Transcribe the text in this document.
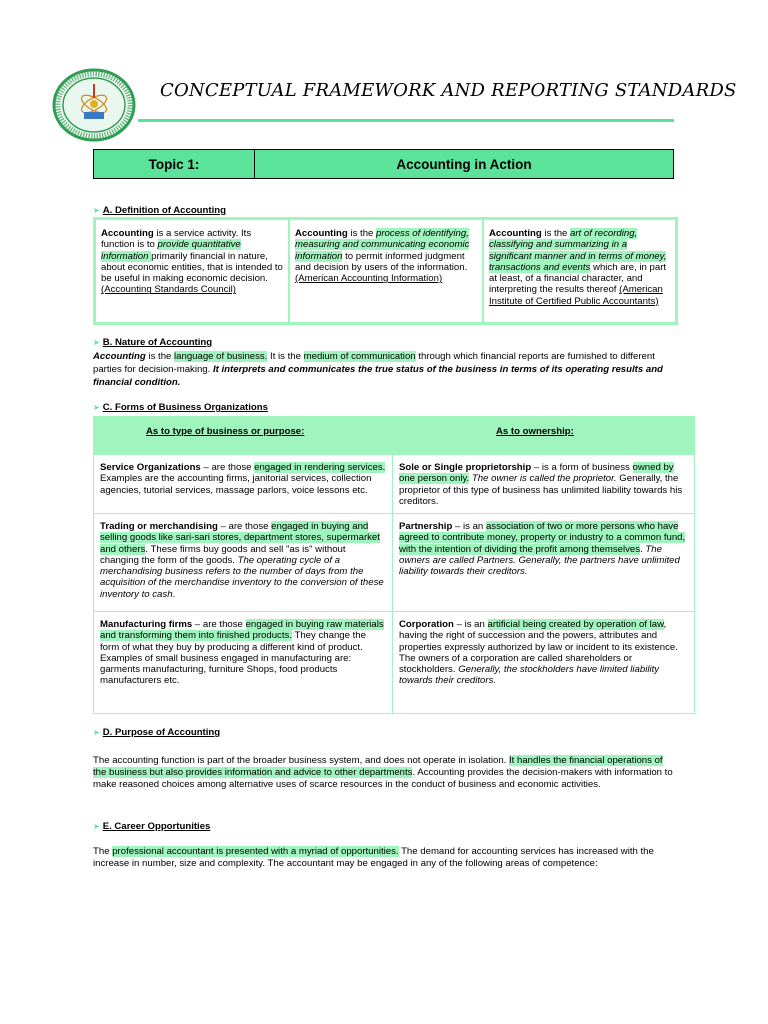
CONCEPTUAL FRAMEWORK AND REPORTING STANDARDS
Topic 1:	Accounting in Action
➤ A. Definition of Accounting
Accounting is a service activity. Its function is to provide quantitative information primarily financial in nature, about economic entities, that is intended to be useful in making economic decision. (Accounting Standards Council)
Accounting is the process of identifying, measuring and communicating economic information to permit informed judgment and decision by users of the information. (American Accounting Information)
Accounting is the art of recording, classifying and summarizing in a significant manner and in terms of money, transactions and events which are, in part at least, of a financial character, and interpreting the results thereof (American Institute of Certified Public Accountants)
➤ B. Nature of Accounting
Accounting is the language of business. It is the medium of communication through which financial reports are furnished to different parties for decision-making. It interprets and communicates the true status of the business in terms of its operating results and financial condition.
➤ C. Forms of Business Organizations
As to type of business or purpose:	As to ownership:
Service Organizations – are those engaged in rendering services. Examples are the accounting firms, janitorial services, collection agencies, tutorial services, massage parlors, voice lessons etc.
Sole or Single proprietorship – is a form of business owned by one person only. The owner is called the proprietor. Generally, the proprietor of this type of business has unlimited liability towards his creditors.
Trading or merchandising – are those engaged in buying and selling goods like sari-sari stores, department stores, supermarket and others. These firms buy goods and sell "as is" without changing the form of the goods. The operating cycle of a merchandising business refers to the number of days from the acquisition of the merchandise inventory to the conversion of these inventory to cash.
Partnership – is an association of two or more persons who have agreed to contribute money, property or industry to a common fund, with the intention of dividing the profit among themselves. The owners are called Partners. Generally, the partners have unlimited liability towards their creditors.
Manufacturing firms – are those engaged in buying raw materials and transforming them into finished products. They change the form of what they buy by producing a different kind of product. Examples of small business engaged in manufacturing are: garments manufacturing, furniture Shops, food products manufacturers etc.
Corporation – is an artificial being created by operation of law, having the right of succession and the powers, attributes and properties expressly authorized by law or incident to its existence. The owners of a corporation are called shareholders or stockholders. Generally, the stockholders have limited liability towards their creditors.
➤ D. Purpose of Accounting
The accounting function is part of the broader business system, and does not operate in isolation. It handles the financial operations of the business but also provides information and advice to other departments. Accounting provides the decision-makers with information to make reasoned choices among alternative uses of scarce resources in the conduct of business and economic activities.
➤ E. Career Opportunities
The professional accountant is presented with a myriad of opportunities. The demand for accounting services has increased with the increase in number, size and complexity. The accountant may be engaged in any of the following areas of competence:
